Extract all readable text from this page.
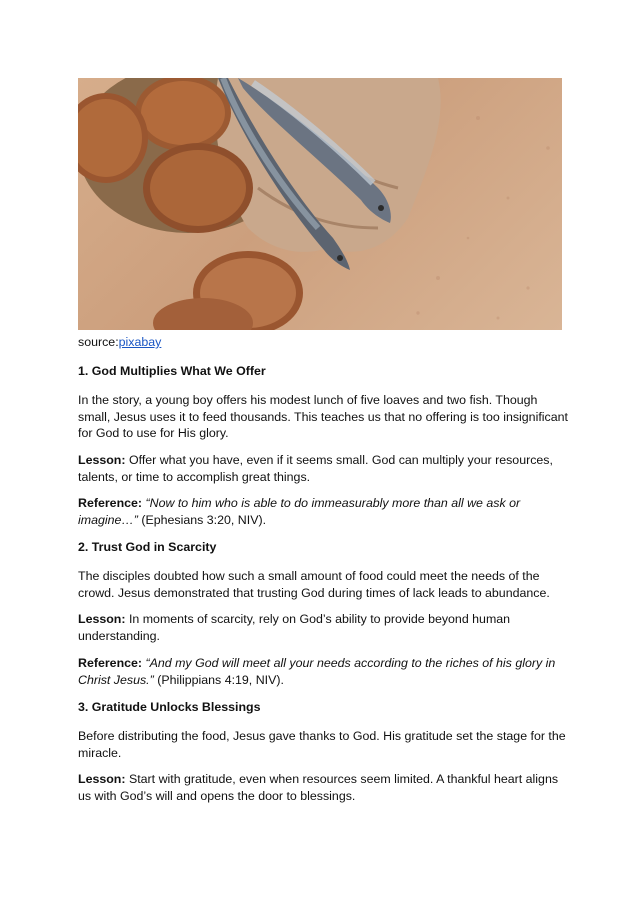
source:pixabay

1. God Multiplies What We Offer

In the story, a young boy offers his modest lunch of five loaves and two fish. Though small, Jesus uses it to feed thousands. This teaches us that no offering is too insignificant for God to use for His glory.

Lesson: Offer what you have, even if it seems small. God can multiply your resources, talents, or time to accomplish great things.

Reference: “Now to him who is able to do immeasurably more than all we ask or imagine…” (Ephesians 3:20, NIV).

2. Trust God in Scarcity

The disciples doubted how such a small amount of food could meet the needs of the crowd. Jesus demonstrated that trusting God during times of lack leads to abundance.

Lesson: In moments of scarcity, rely on God’s ability to provide beyond human understanding.

Reference: “And my God will meet all your needs according to the riches of his glory in Christ Jesus.” (Philippians 4:19, NIV).

3. Gratitude Unlocks Blessings

Before distributing the food, Jesus gave thanks to God. His gratitude set the stage for the miracle.

Lesson: Start with gratitude, even when resources seem limited. A thankful heart aligns us with God’s will and opens the door to blessings.
